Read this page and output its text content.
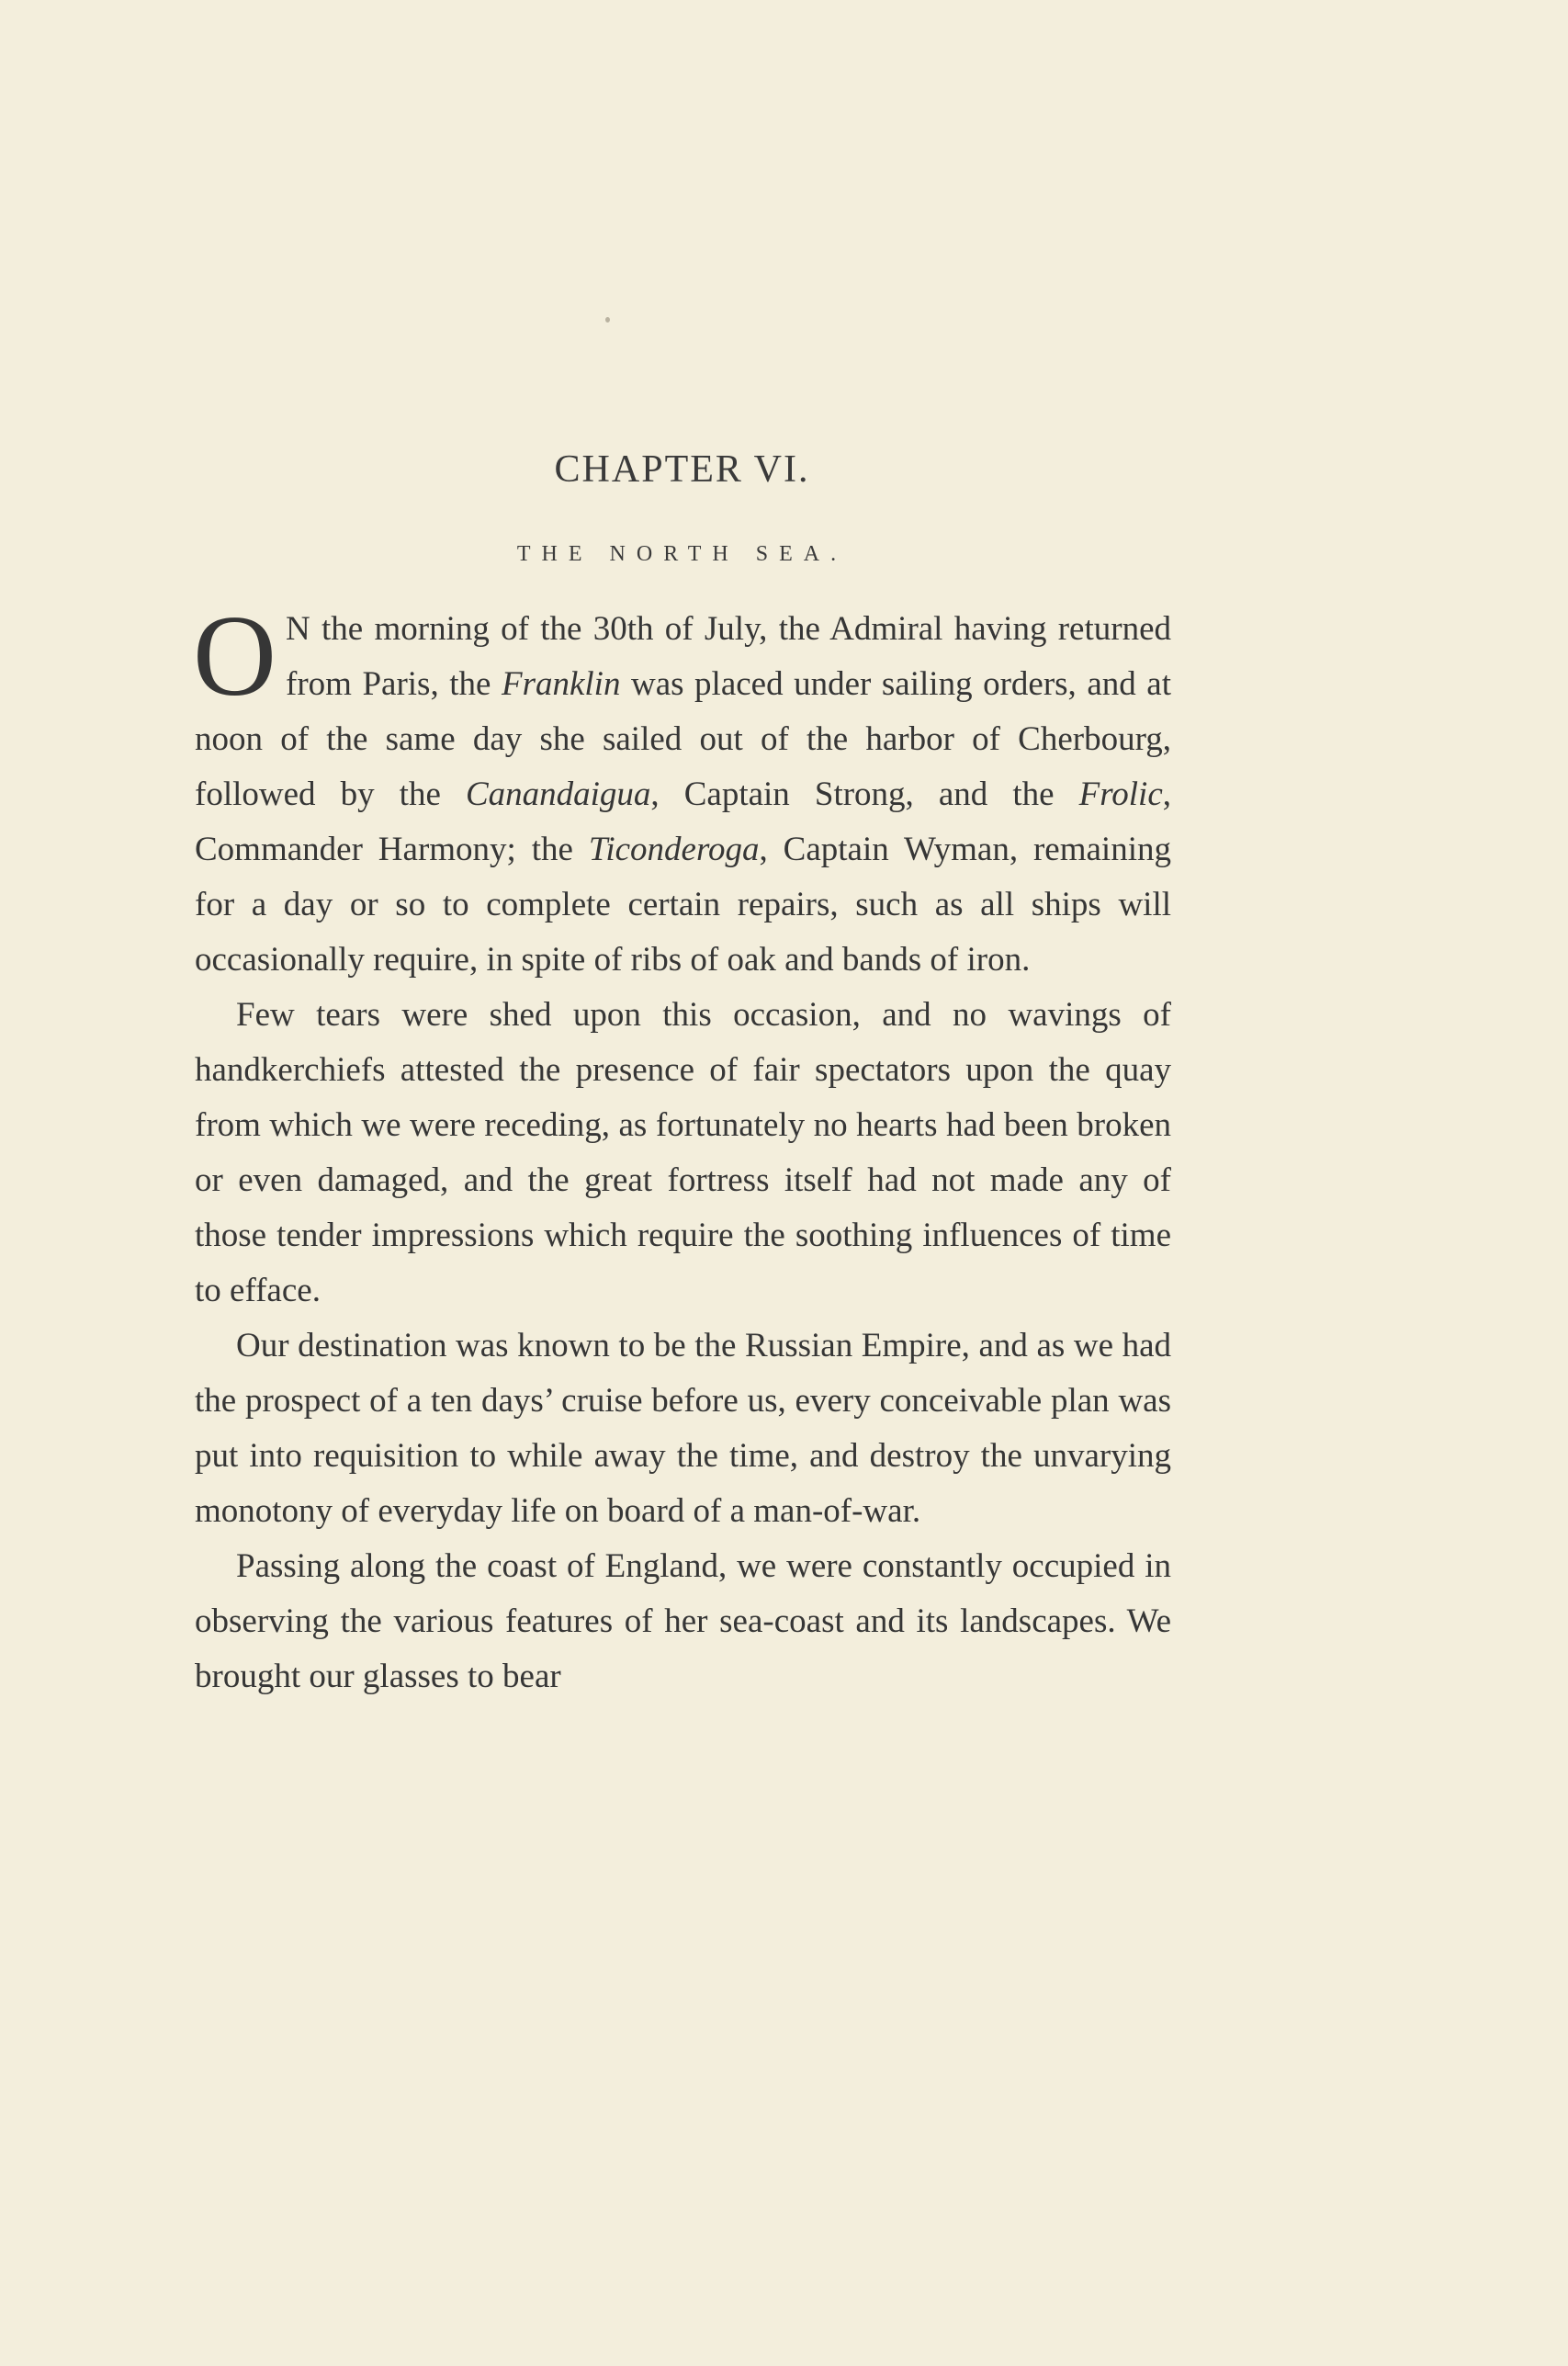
CHAPTER VI.
THE NORTH SEA.

O N the morning of the 30th of July, the Admiral having returned from Paris, the Franklin was placed under sailing orders, and at noon of the same day she sailed out of the harbor of Cherbourg, followed by the Canandaigua, Captain Strong, and the Frolic, Commander Harmony; the Ticonderoga, Captain Wyman, remaining for a day or so to complete certain repairs, such as all ships will occasionally require, in spite of ribs of oak and bands of iron.

Few tears were shed upon this occasion, and no wavings of handkerchiefs attested the presence of fair spectators upon the quay from which we were receding, as fortunately no hearts had been broken or even damaged, and the great fortress itself had not made any of those tender impressions which require the soothing influences of time to efface.

Our destination was known to be the Russian Empire, and as we had the prospect of a ten days’ cruise before us, every conceivable plan was put into requisition to while away the time, and destroy the unvarying monotony of everyday life on board of a man-of-war.

Passing along the coast of England, we were constantly occupied in observing the various features of her sea-coast and its landscapes. We brought our glasses to bear
